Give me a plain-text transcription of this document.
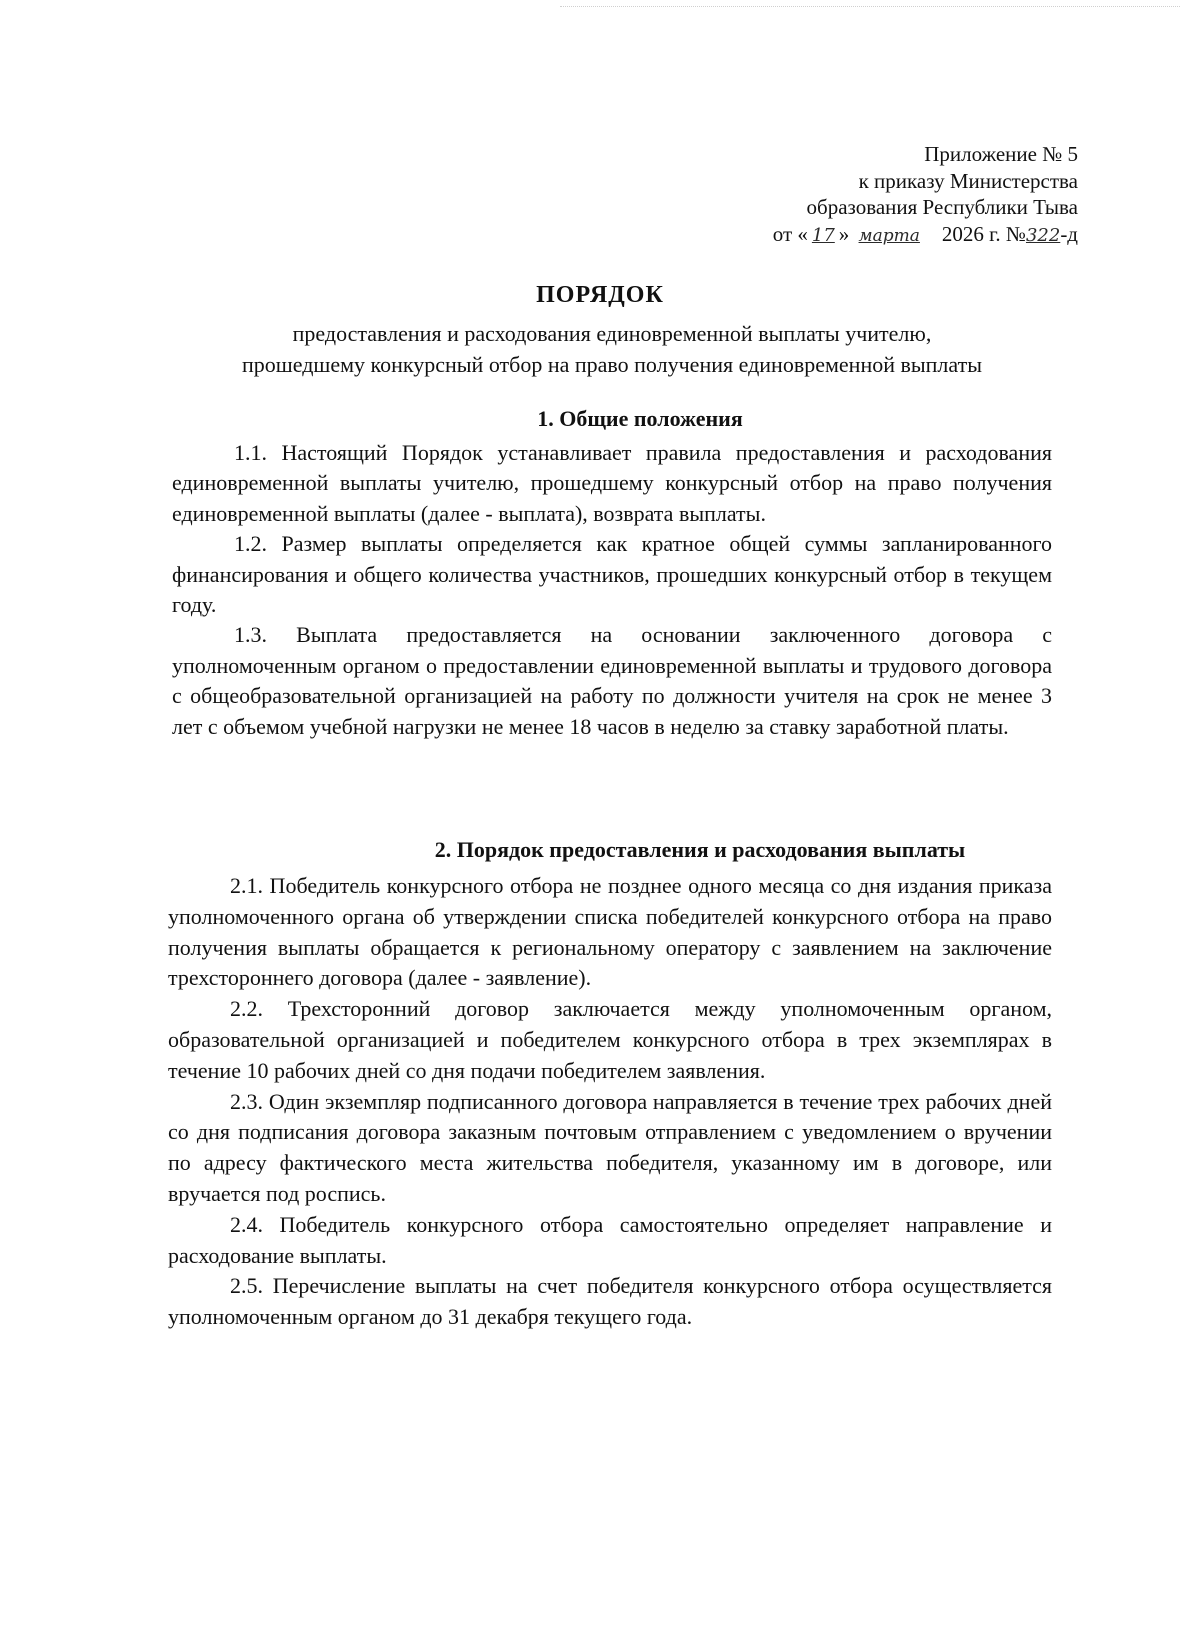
Приложение № 5
к приказу Министерства
образования Республики Тыва
от « 17 » марта 2026 г. №322-д
ПОРЯДОК
предоставления и расходования единовременной выплаты учителю,
прошедшему конкурсный отбор на право получения единовременной выплаты
1. Общие положения

1.1. Настоящий Порядок устанавливает правила предоставления и расходования единовременной выплаты учителю, прошедшему конкурсный отбор на право получения единовременной выплаты (далее - выплата), возврата выплаты.

1.2. Размер выплаты определяется как кратное общей суммы запланированного финансирования и общего количества участников, прошедших конкурсный отбор в текущем году.

1.3. Выплата предоставляется на основании заключенного договора с уполномоченным органом о предоставлении единовременной выплаты и трудового договора с общеобразовательной организацией на работу по должности учителя на срок не менее 3 лет с объемом учебной нагрузки не менее 18 часов в неделю за ставку заработной платы.

2. Порядок предоставления и расходования выплаты

2.1. Победитель конкурсного отбора не позднее одного месяца со дня издания приказа уполномоченного органа об утверждении списка победителей конкурсного отбора на право получения выплаты обращается к региональному оператору с заявлением на заключение трехстороннего договора (далее - заявление).

2.2. Трехсторонний договор заключается между уполномоченным органом, образовательной организацией и победителем конкурсного отбора в трех экземплярах в течение 10 рабочих дней со дня подачи победителем заявления.

2.3. Один экземпляр подписанного договора направляется в течение трех рабочих дней со дня подписания договора заказным почтовым отправлением с уведомлением о вручении по адресу фактического места жительства победителя, указанному им в договоре, или вручается под роспись.

2.4. Победитель конкурсного отбора самостоятельно определяет направление и расходование выплаты.

2.5. Перечисление выплаты на счет победителя конкурсного отбора осуществляется уполномоченным органом до 31 декабря текущего года.
